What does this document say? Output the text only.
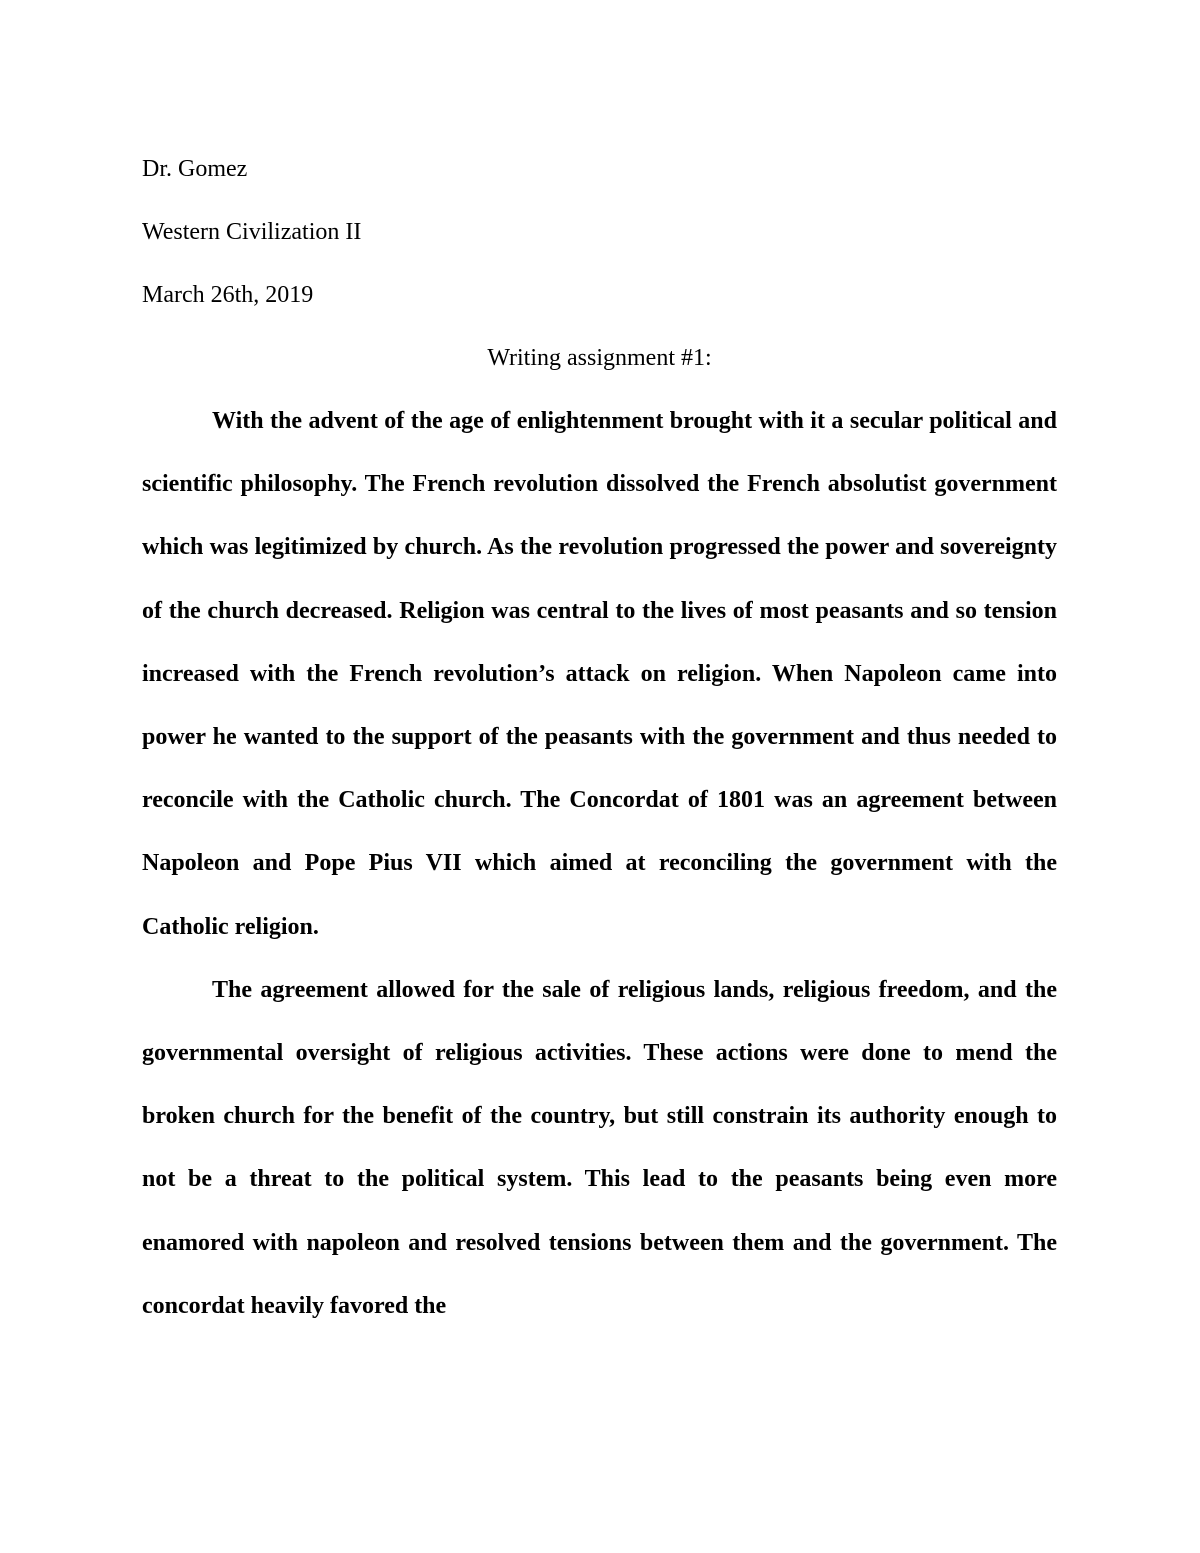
Dr. Gomez

Western Civilization II

March 26th, 2019

Writing assignment #1:

With the advent of the age of enlightenment brought with it a secular political and scientific philosophy. The French revolution dissolved the French absolutist government which was legitimized by church. As the revolution progressed the power and sovereignty of the church decreased. Religion was central to the lives of most peasants and so tension increased with the French revolution’s attack on religion. When Napoleon came into power he wanted to the support of the peasants with the government and thus needed to reconcile with the Catholic church. The Concordat of 1801 was an agreement between Napoleon and Pope Pius VII which aimed at reconciling the government with the Catholic religion.

The agreement allowed for the sale of religious lands, religious freedom, and the governmental oversight of religious activities. These actions were done to mend the broken church for the benefit of the country, but still constrain its authority enough to not be a threat to the political system. This lead to the peasants being even more enamored with napoleon and resolved tensions between them and the government. The concordat heavily favored the
